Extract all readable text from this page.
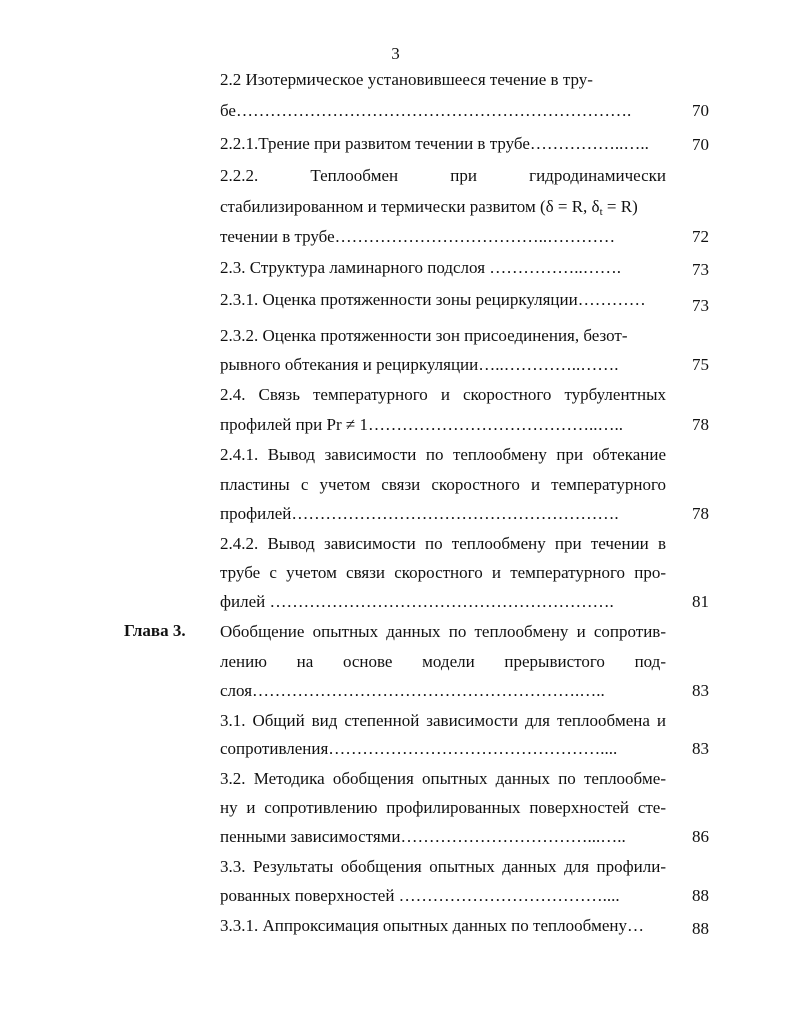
3
Глава 3.
2.2 Изотермическое установившееся течение в тру-
бе…………………………………………………………….
2.2.1.Трение при развитом течении в трубе……………..…..
2.2.2. Теплообмен при гидродинамически
стабилизированном и термически развитом (δ = R, $\delta_t = R$)
течении в трубе………………………………..…………
2.3. Структура ламинарного подслоя ……………..…….
2.3.1. Оценка протяженности зоны рециркуляции…………
2.3.2. Оценка протяженности зон присоединения, безот-
рывного обтекания и рециркуляции…..…………..…….
2.4. Связь температурного и скоростного турбулентных
профилей при Pr ≠ 1…………………………………..…..
2.4.1. Вывод зависимости по теплообмену при обтекание
пластины с учетом связи скоростного и температурного
профилей………………………………………………….
2.4.2. Вывод зависимости по теплообмену при течении в
трубе с учетом связи скоростного и температурного про-
филей …………………………………………………….
Обобщение опытных данных по теплообмену и сопротив-
лению на основе модели прерывистого под-
слоя………………………………………………….…..
3.1. Общий вид степенной зависимости для теплообмена и
сопротивления…………………………………………....
3.2. Методика обобщения опытных данных по теплообме-
ну и сопротивлению профилированных поверхностей сте-
пенными зависимостями……………………………...…..
3.3. Результаты обобщения опытных данных для профили-
рованных поверхностей ………………………………....
3.3.1. Аппроксимация опытных данных по теплообмену…
70
70
72
73
73
75
78
78
81
83
83
86
88
88
